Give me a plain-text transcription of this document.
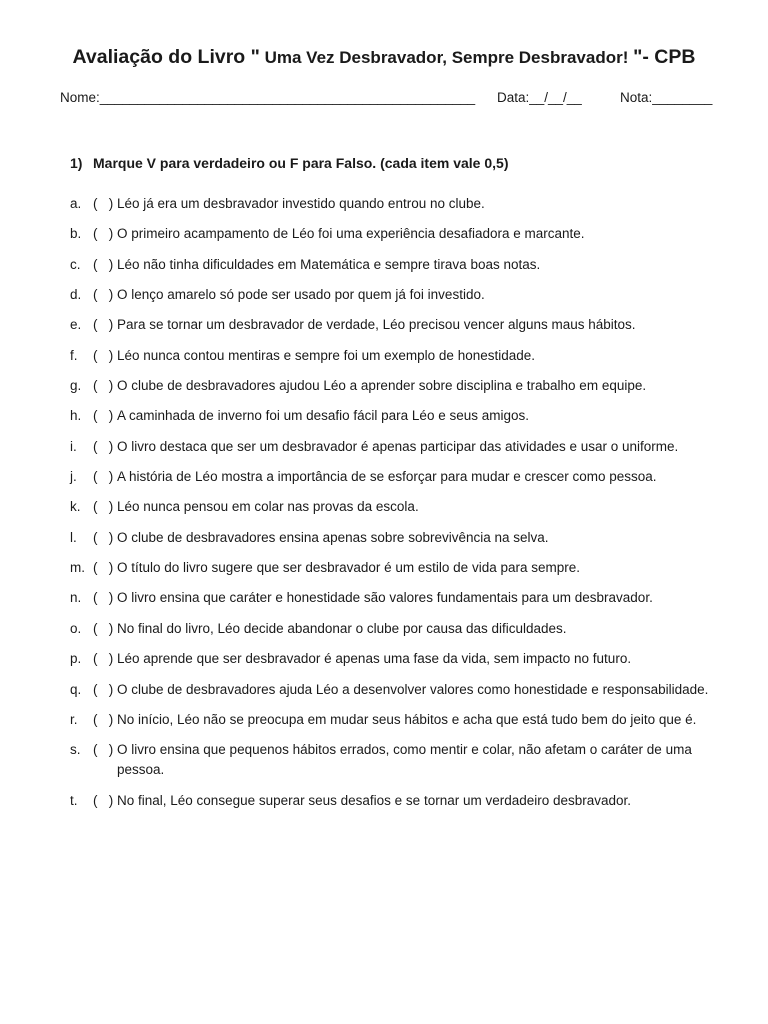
Avaliação do Livro " Uma Vez Desbravador, Sempre Desbravador! "- CPB
Nome:__________________________________________________ Data:__/__/__	Nota:________
1) Marque V para verdadeiro ou F para Falso. (cada item vale 0,5)
a. (   ) Léo já era um desbravador investido quando entrou no clube.
b. (   ) O primeiro acampamento de Léo foi uma experiência desafiadora e marcante.
c. (   ) Léo não tinha dificuldades em Matemática e sempre tirava boas notas.
d. (   ) O lenço amarelo só pode ser usado por quem já foi investido.
e. (   ) Para se tornar um desbravador de verdade, Léo precisou vencer alguns maus hábitos.
f.	(   ) Léo nunca contou mentiras e sempre foi um exemplo de honestidade.
g. (   ) O clube de desbravadores ajudou Léo a aprender sobre disciplina e trabalho em equipe.
h. (   ) A caminhada de inverno foi um desafio fácil para Léo e seus amigos.
i.	(   ) O livro destaca que ser um desbravador é apenas participar das atividades e usar o uniforme.
j.	(   ) A história de Léo mostra a importância de se esforçar para mudar e crescer como pessoa.
k. (   ) Léo nunca pensou em colar nas provas da escola.
l.	(   ) O clube de desbravadores ensina apenas sobre sobrevivência na selva.
m. (   ) O título do livro sugere que ser desbravador é um estilo de vida para sempre.
n. (   ) O livro ensina que caráter e honestidade são valores fundamentais para um desbravador.
o. (   ) No final do livro, Léo decide abandonar o clube por causa das dificuldades.
p. (   ) Léo aprende que ser desbravador é apenas uma fase da vida, sem impacto no futuro.
q. (   ) O clube de desbravadores ajuda Léo a desenvolver valores como honestidade e responsabilidade.
r.	(   ) No início, Léo não se preocupa em mudar seus hábitos e acha que está tudo bem do jeito que é.
s. (   ) O livro ensina que pequenos hábitos errados, como mentir e colar, não afetam o caráter de uma pessoa.
t.	(   ) No final, Léo consegue superar seus desafios e se tornar um verdadeiro desbravador.
